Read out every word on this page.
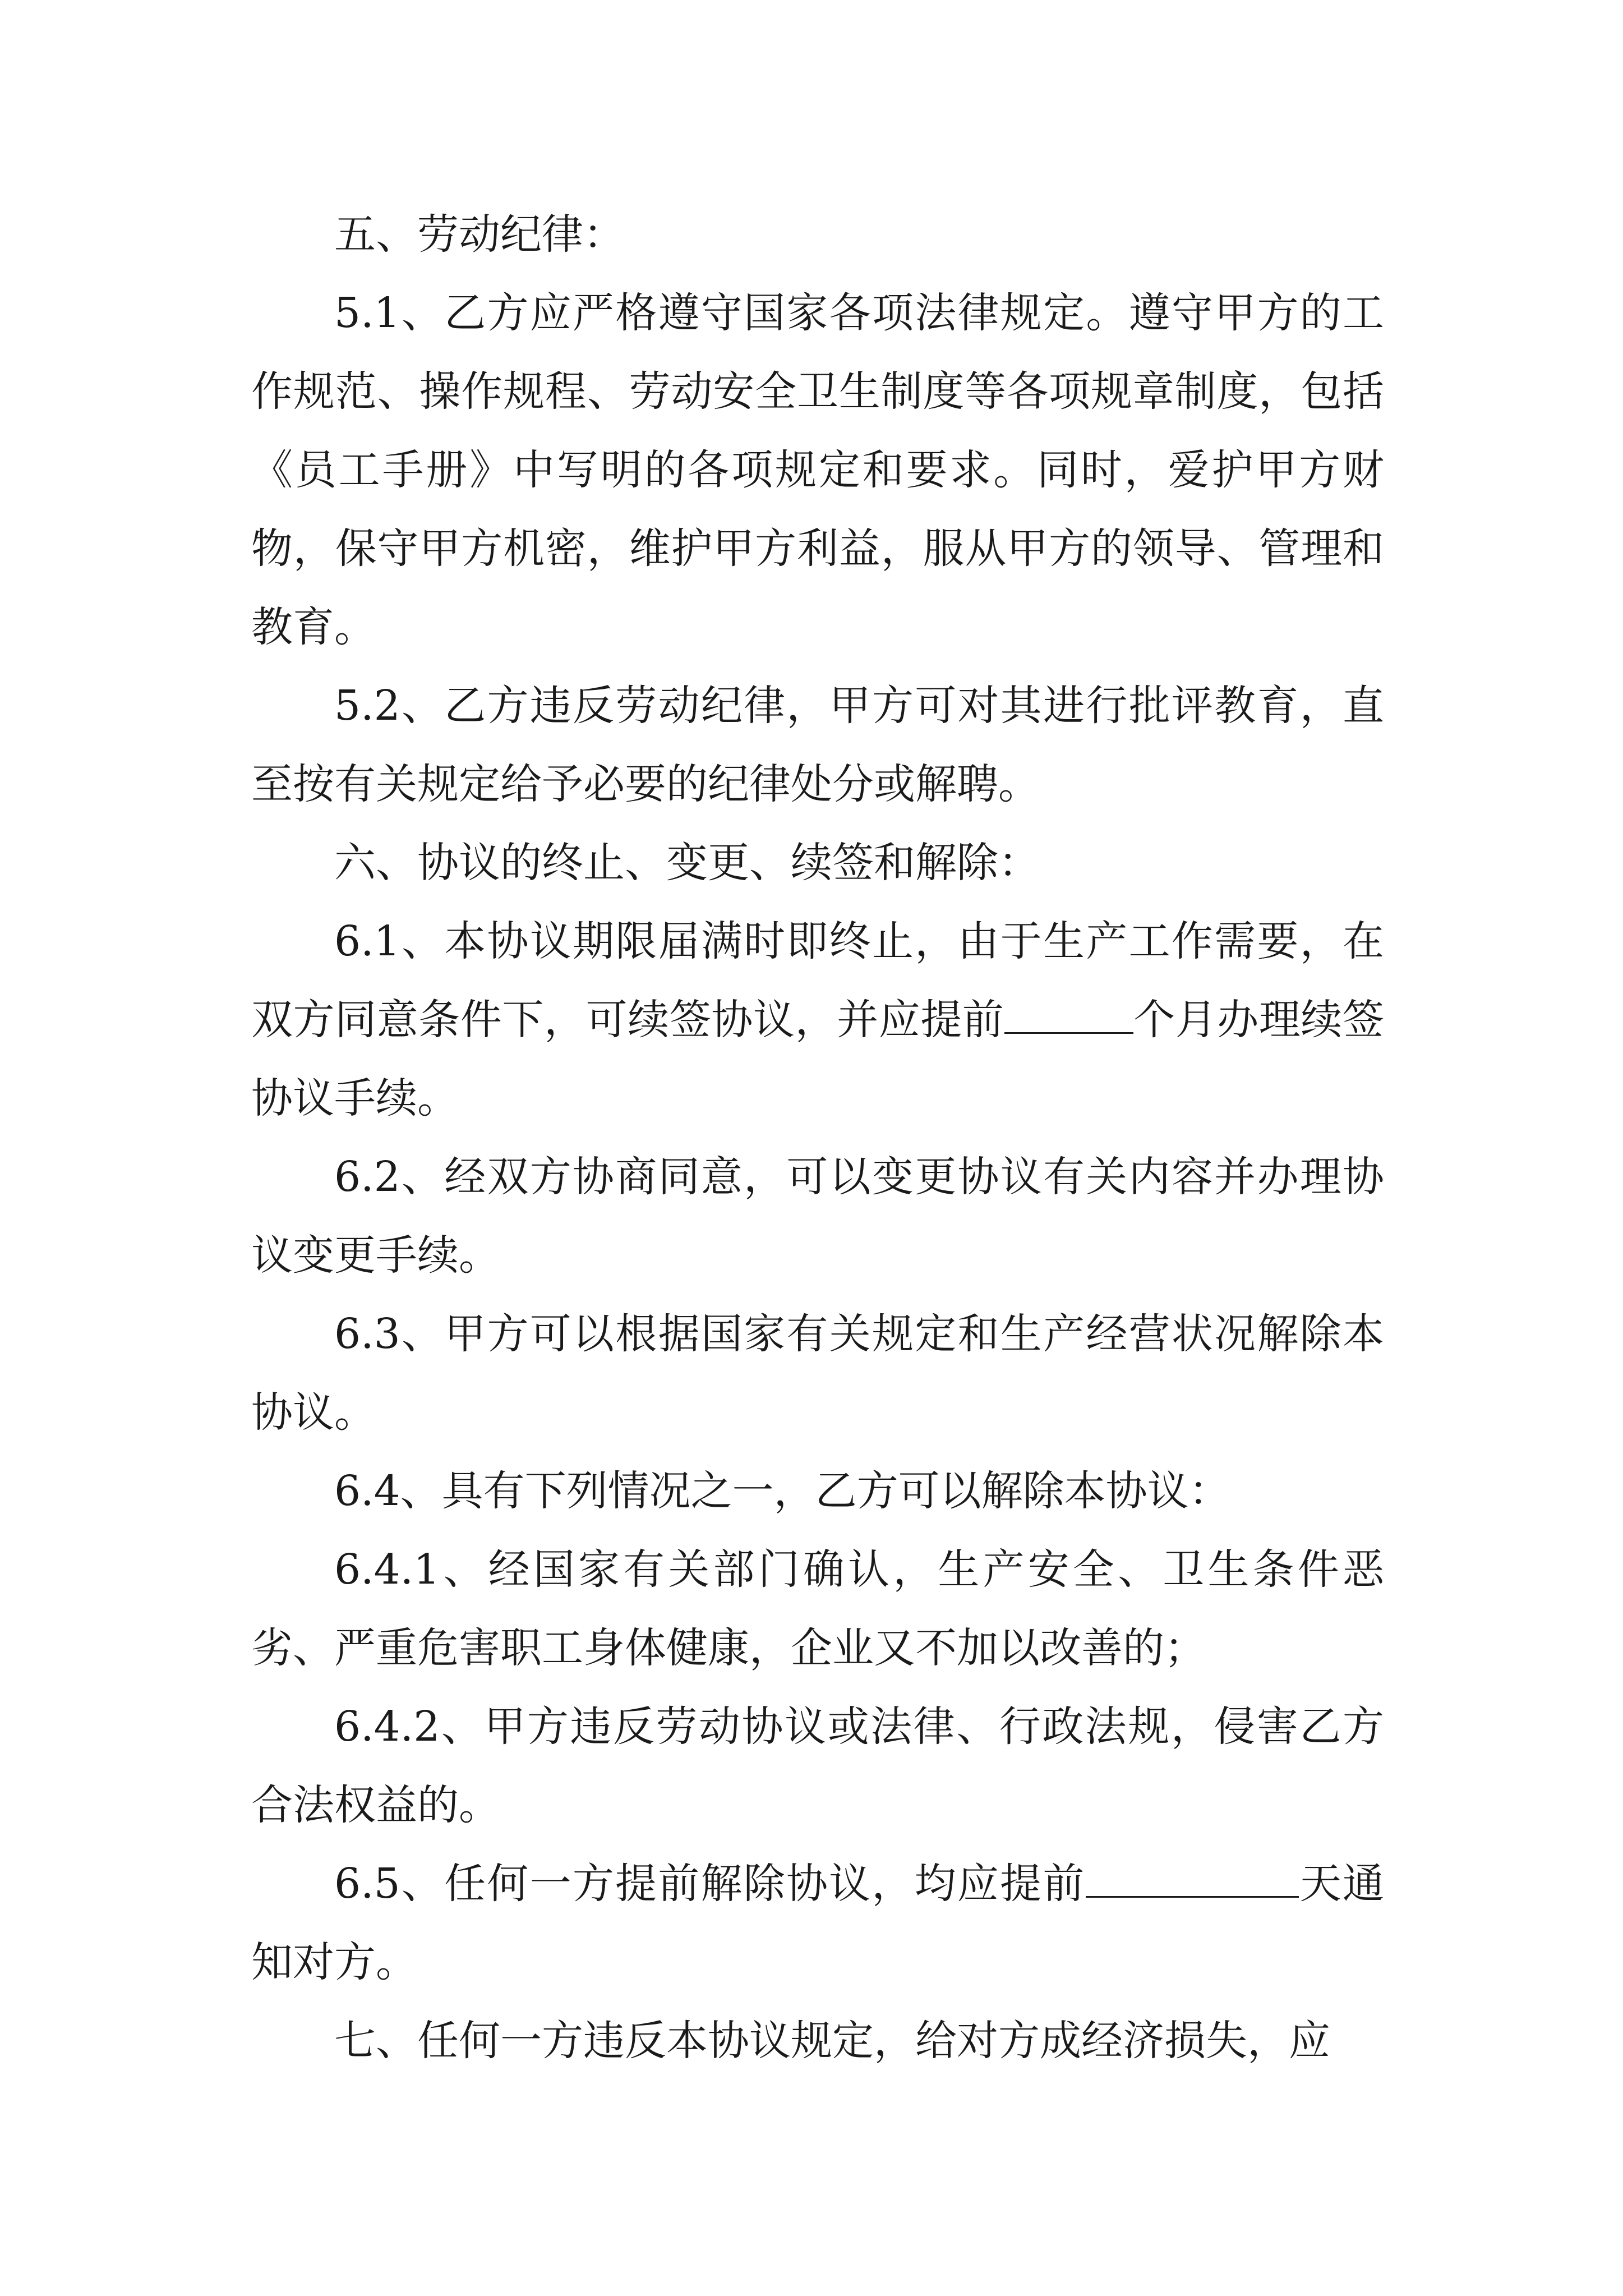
五、劳动纪律：

5.1、乙方应严格遵守国家各项法律规定。遵守甲方的工作规范、操作规程、劳动安全卫生制度等各项规章制度，包括《员工手册》中写明的各项规定和要求。同时，爱护甲方财物，保守甲方机密，维护甲方利益，服从甲方的领导、管理和教育。

5.2、乙方违反劳动纪律，甲方可对其进行批评教育，直至按有关规定给予必要的纪律处分或解聘。

六、协议的终止、变更、续签和解除：

6.1、本协议期限届满时即终止，由于生产工作需要，在双方同意条件下，可续签协议，并应提前	个月办理续签协议手续。

6.2、经双方协商同意，可以变更协议有关内容并办理协议变更手续。

6.3、甲方可以根据国家有关规定和生产经营状况解除本协议。

6.4、具有下列情况之一，乙方可以解除本协议：

6.4.1、经国家有关部门确认，生产安全、卫生条件恶劣、严重危害职工身体健康，企业又不加以改善的；

6.4.2、甲方违反劳动协议或法律、行政法规，侵害乙方合法权益的。

6.5、任何一方提前解除协议，均应提前	天通知对方。

七、任何一方违反本协议规定，给对方成经济损失，应
